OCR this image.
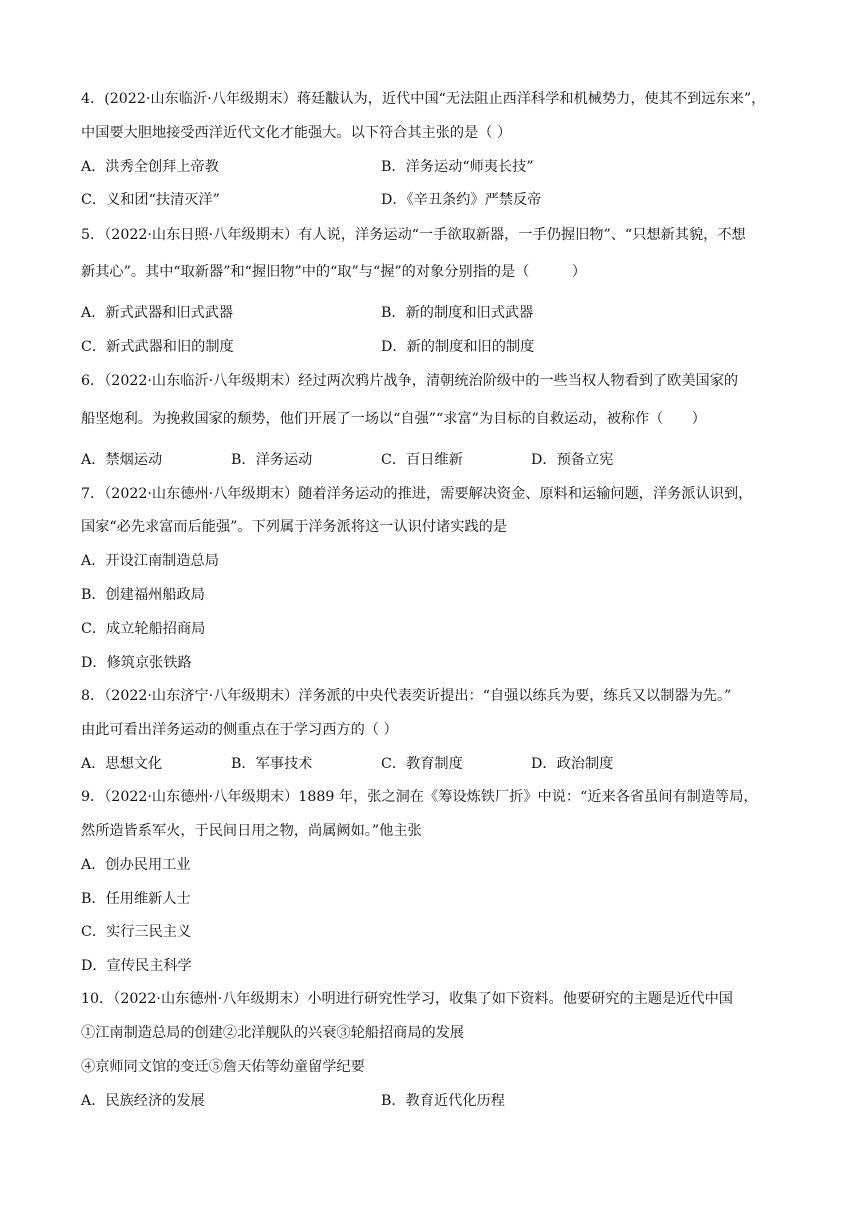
4．(2022·山东临沂·八年级期末）蒋廷黻认为，近代中国“无法阻止西洋科学和机械势力，使其不到远东来”，
中国要大胆地接受西洋近代文化才能强大。以下符合其主张的是（ ）
A．洪秀全创拜上帝教	B．洋务运动“师夷长技”
C．义和团“扶清灭洋”	D．《辛丑条约》严禁反帝
5．（2022·山东日照·八年级期末）有人说，洋务运动“一手欲取新器，一手仍握旧物”、“只想新其貌，不想
新其心”。其中“取新器”和“握旧物”中的“取”与“握”的对象分别指的是（　　　）
A．新式武器和旧式武器	B．新的制度和旧式武器
C．新式武器和旧的制度	D．新的制度和旧的制度
6．（2022·山东临沂·八年级期末）经过两次鸦片战争，清朝统治阶级中的一些当权人物看到了欧美国家的
船坚炮利。为挽救国家的颓势，他们开展了一场以“自强”“求富”为目标的自救运动，被称作（　　）
A．禁烟运动	B．洋务运动	C．百日维新	D．预备立宪
7．（2022·山东德州·八年级期末）随着洋务运动的推进，需要解决资金、原料和运输问题，洋务派认识到，
国家“必先求富而后能强”。下列属于洋务派将这一认识付诸实践的是
A．开设江南制造总局
B．创建福州船政局
C．成立轮船招商局
D．修筑京张铁路
8．（2022·山东济宁·八年级期末）洋务派的中央代表奕䜣提出：“自强以练兵为要，练兵又以制器为先。”
由此可看出洋务运动的侧重点在于学习西方的（ ）
A．思想文化	B．军事技术	C．教育制度	D．政治制度
9．（2022·山东德州·八年级期末）1889 年，张之洞在《筹设炼铁厂折》中说：“近来各省虽间有制造等局，
然所造皆系军火，于民间日用之物，尚属阙如。”他主张
A．创办民用工业
B．任用维新人士
C．实行三民主义
D．宣传民主科学
10．（2022·山东德州·八年级期末）小明进行研究性学习，收集了如下资料。他要研究的主题是近代中国
①江南制造总局的创建②北洋舰队的兴衰③轮船招商局的发展
④京师同文馆的变迁⑤詹天佑等幼童留学纪要
A．民族经济的发展	B．教育近代化历程
